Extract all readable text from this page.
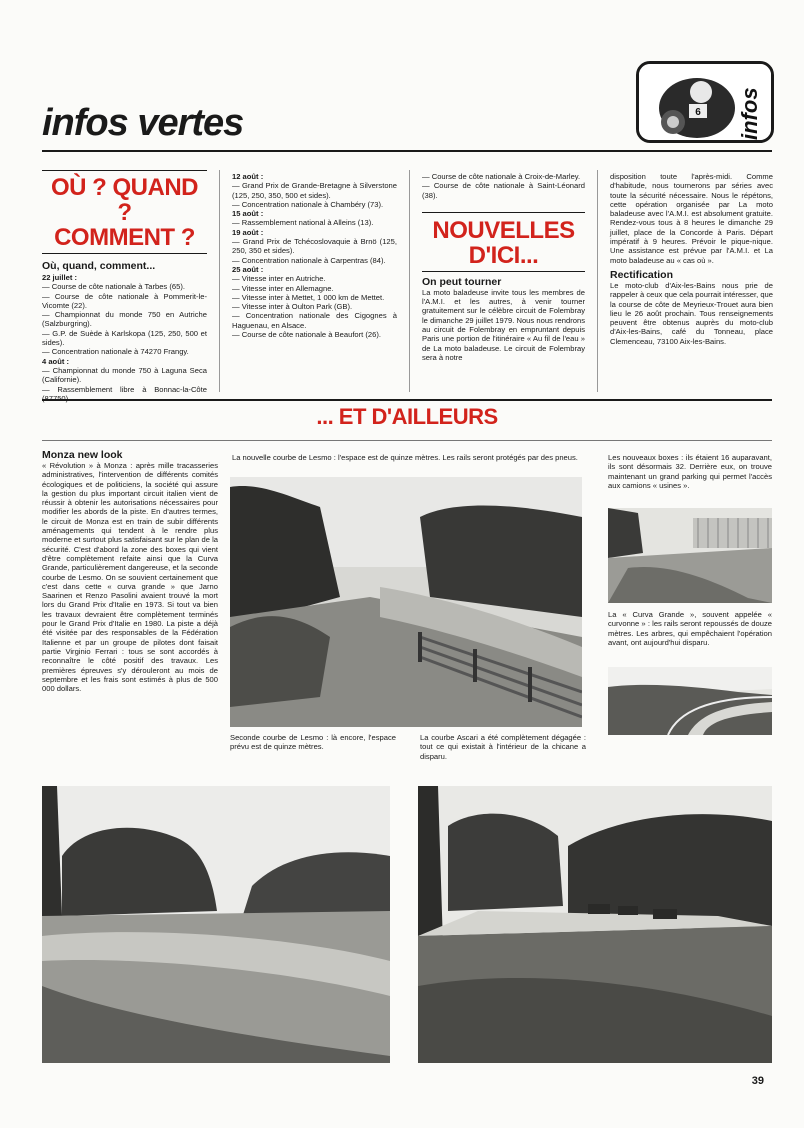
infos vertes	6 infos
OÙ ? QUAND ?
COMMENT ?
Où, quand, comment...

22 juillet :

— Course de côte nationale à Tarbes (65).

— Course de côte nationale à Pommerit-le-Vicomte (22).

— Championnat du monde 750 en Autriche (Salzburgring).

— G.P. de Suède à Karlskopa (125, 250, 500 et sides).

— Concentration nationale à 74270 Frangy.

4 août :

— Championnat du monde 750 à Laguna Seca (Californie).

— Rassemblement libre à Bonnac-la-Côte

12 août :

— Grand Prix de Grande-Bretagne à Silverstone (125, 250, 350, 500 et sides).

— Concentration nationale à Chambéry (73).

15 août :

— Rassemblement national à Alleins (13).

19 août :

— Grand Prix de Tchécoslovaquie à Brnö (125, 250, 350 et sides).

— Concentration nationale à Carpentras (84).

25 août :

— Vitesse inter en Autriche.

— Vitesse inter en Allemagne.

— Vitesse inter à Mettet, 1 000 km de Mettet.

— Vitesse inter à Oulton Park (GB).

— Concentration nationale des Cigognes à Haguenau, en Alsace.

— Course de côte nationale à Beaufort (26).

— Course de côte nationale à Croix-de-Marley.

— Course de côte nationale à Saint-Léonard (38).

NOUVELLES
D'ICI...
On peut tourner
La moto baladeuse invite tous les membres de l'A.M.I. et les autres, à venir tourner gratuitement sur le célèbre circuit de Folembray le dimanche 29 juillet 1979. Nous nous rendrons au circuit de Folembray en empruntant depuis Paris une portion de l'itinéraire « Au fil de l'eau » de La moto baladeuse. Le circuit de Folembray sera à notre
disposition toute l'après-midi. Comme d'habitude, nous tournerons par séries avec toute la sécurité nécessaire. Nous le répétons, cette opération organisée par La moto baladeuse avec l'A.M.I. est absolument gratuite. Rendez-vous tous à 8 heures le dimanche 29 juillet, place de la Concorde à Paris. Départ impératif à 9 heures. Prévoir le pique-nique. Une assistance est prévue par l'A.M.I. et La moto baladeuse au « cas où ».
Rectification
Le moto-club d'Aix-les-Bains nous prie de rappeler à ceux que cela pourrait intéresser, que la course de côte de Meyrieux-Trouet aura bien lieu le 26 août prochain. Tous renseignements peuvent être obtenus auprès du moto-club d'Aix-les-Bains, café du Tonneau, place Clemenceau, 73100 Aix-les-Bains.
... ET D'AILLEURS
Monza new look
« Révolution » à Monza : après mille tracasseries administratives, l'intervention de différents comités écologiques et de politiciens, la société qui assure la gestion du plus important circuit italien vient de réussir à obtenir les autorisations nécessaires pour modifier les abords de la piste. En d'autres termes, le circuit de Monza est en train de subir différents aménagements qui tendent à le rendre plus moderne et surtout plus satisfaisant sur le plan de la sécurité. C'est d'abord la zone des boxes qui vient d'être complètement refaite ainsi que la Curva Grande, particulièrement dangereuse, et la seconde courbe de Lesmo. On se souvient certainement que c'est dans cette « curva grande » que Jarno Saarinen et Renzo Pasolini avaient trouvé la mort lors du Grand Prix d'Italie en 1973. Si tout va bien les travaux devraient être complètement terminés pour le Grand Prix d'Italie en 1980. La piste a déjà été visitée par des responsables de la Fédération Italienne et par un groupe de pilotes dont faisait partie Virginio Ferrari : tous se sont accordés à reconnaître le côté positif des travaux. Les premières épreuves s'y dérouleront au mois de septembre et les frais sont estimés à plus de 500 000 dollars.
La nouvelle courbe de Lesmo : l'espace est de quinze mètres. Les rails seront protégés par des pneus.
Seconde courbe de Lesmo : là encore, l'espace prévu est de quinze mètres.
La courbe Ascari a été complètement dégagée : tout ce qui existait à l'intérieur de la chicane a disparu.
Les nouveaux boxes : ils étaient 16 auparavant, ils sont désormais 32. Derrière eux, on trouve maintenant un grand parking qui permet l'accès aux camions « usines ».
La « Curva Grande », souvent appelée « curvonne » : les rails seront repoussés de douze mètres. Les arbres, qui empêchaient l'opération avant, ont aujourd'hui disparu.
39
